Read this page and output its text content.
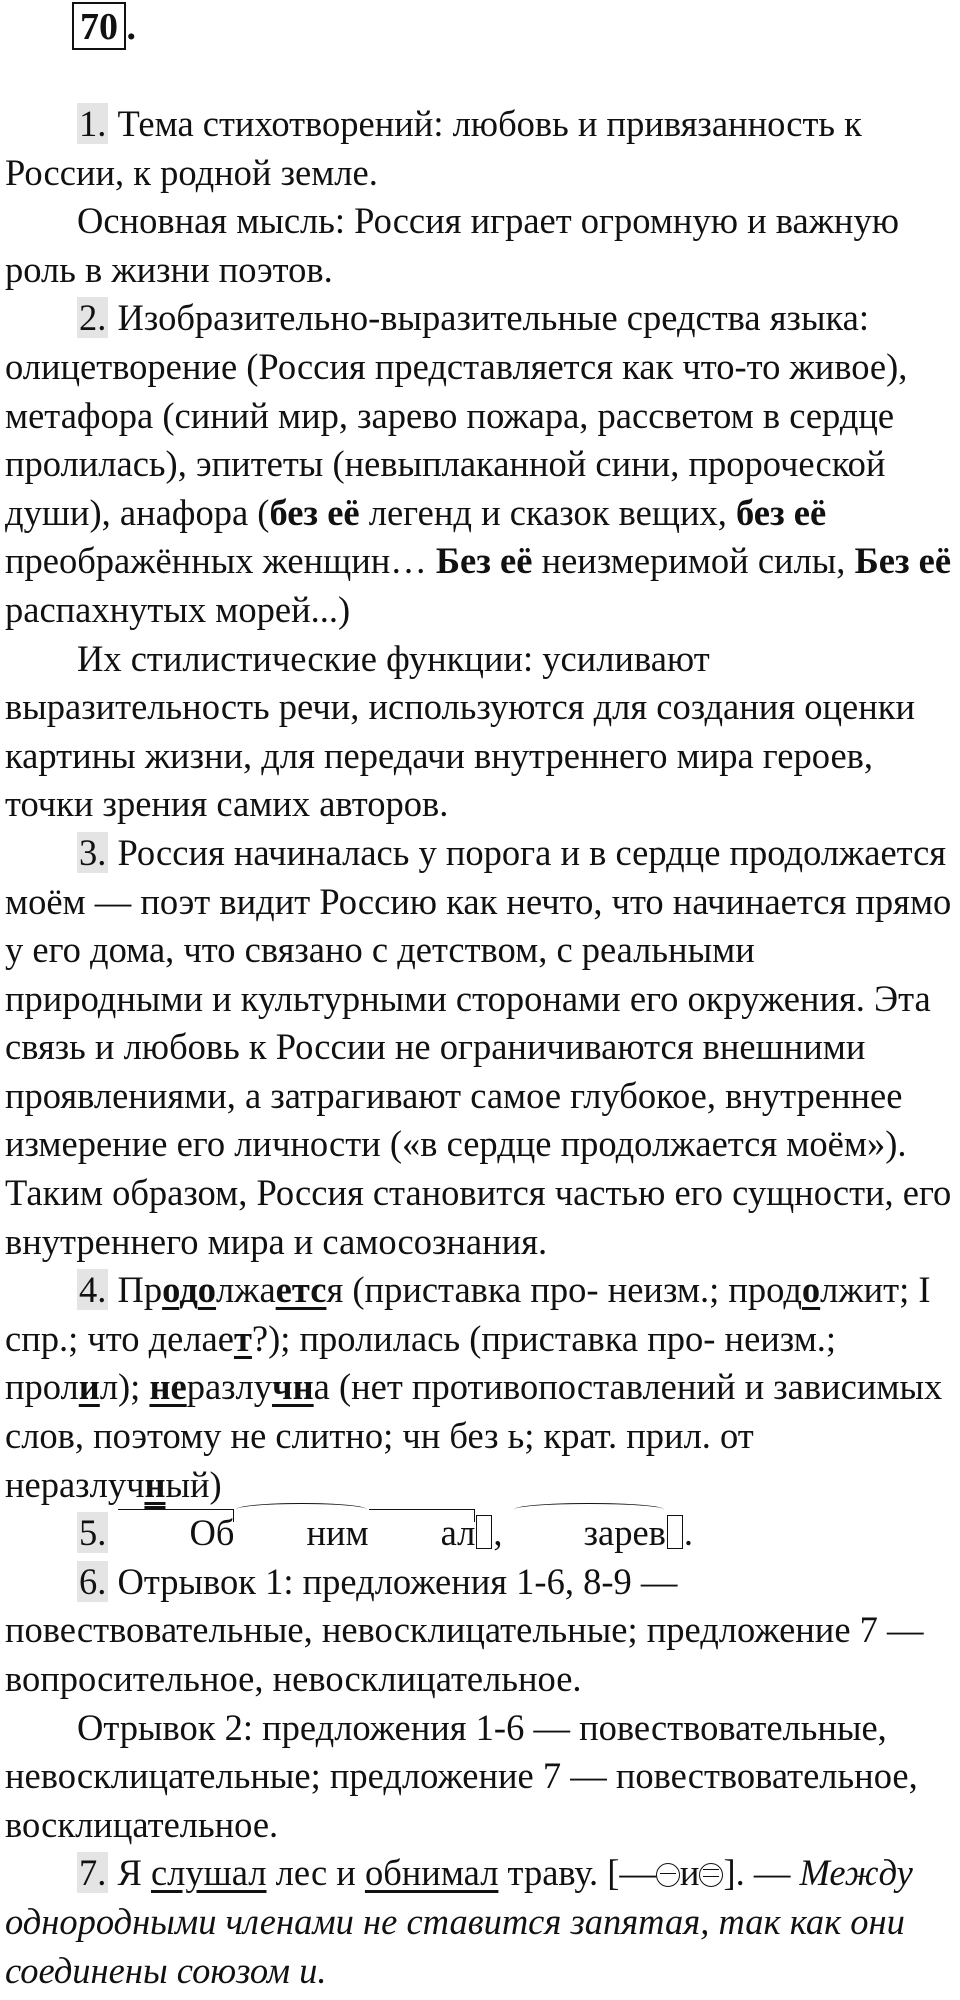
70 .

1. Тема стихотворений: любовь и привязанность к России, к родной земле.

Основная мысль: Россия играет огромную и важную роль в жизни поэтов.

2. Изобразительно-выразительные средства языка: олицетворение (Россия представляется как что-то живое), метафора (синий мир, зарево пожара, рассветом в сердце пролилась), эпитеты (невыплаканной сини, пророческой души), анафора (без её легенд и сказок вещих, без её преображённых женщин… Без её неизмеримой силы, Без её распахнутых морей...)

Их стилистические функции: усиливают выразительность речи, используются для создания оценки картины жизни, для передачи внутреннего мира героев, точки зрения самих авторов.

3. Россия начиналась у порога и в сердце продолжается моём — поэт видит Россию как нечто, что начинается прямо у его дома, что связано с детством, с реальными природными и культурными сторонами его окружения. Эта связь и любовь к России не ограничиваются внешними проявлениями, а затрагивают самое глубокое, внутреннее измерение его личности («в сердце продолжается моём»). Таким образом, Россия становится частью его сущности, его внутреннего мира и самосознания.

4. Продолжается (приставка про- неизм.; продолжит; I спр.; что делает?); пролилась (приставка про- неизм.; пролил); неразлучна (нет противопоставлений и зависимых слов, поэтому не слитно; чн без ь; крат. прил. от неразлучный)

5. Об ним ал , зарев .

6. Отрывок 1: предложения 1-6, 8-9 — повествовательные, невосклицательные; предложение 7 — вопросительное, невосклицательное.

Отрывок 2: предложения 1-6 — повествовательные, невосклицательные; предложение 7 — повествовательное, восклицательное.

7. Я слушал лес и обнимал траву. [— и ]. — Между однородными членами не ставится запятая, так как они соединены союзом и.
